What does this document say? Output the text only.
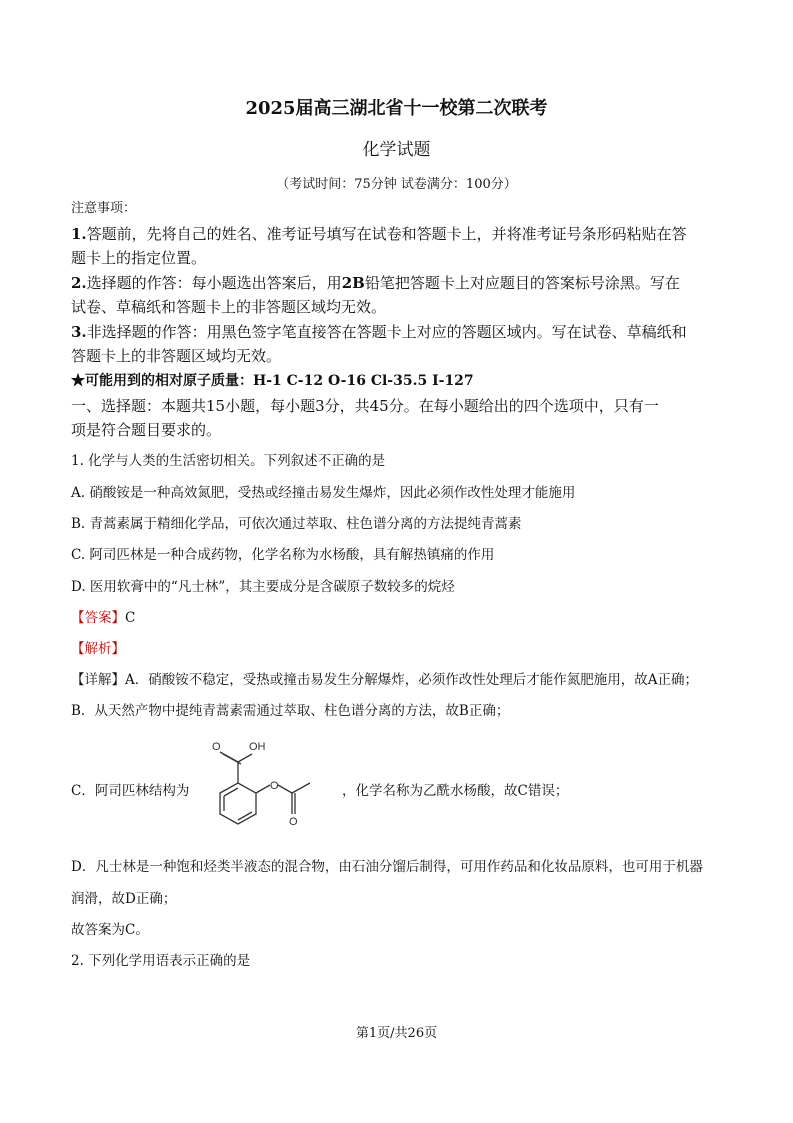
2025届高三湖北省十一校第二次联考
化学试题
（考试时间：75分钟 试卷满分：100分）
注意事项：
1.答题前，先将自己的姓名、准考证号填写在试卷和答题卡上，并将准考证号条形码粘贴在答
题卡上的指定位置。
2.选择题的作答：每小题选出答案后，用2B铅笔把答题卡上对应题目的答案标号涂黑。写在
试卷、草稿纸和答题卡上的非答题区域均无效。
3.非选择题的作答：用黑色签字笔直接答在答题卡上对应的答题区域内。写在试卷、草稿纸和
答题卡上的非答题区域均无效。
★可能用到的相对原子质量：H-1 C-12 O-16 Cl-35.5 I-127
一、选择题：本题共15小题，每小题3分，共45分。在每小题给出的四个选项中，只有一
项是符合题目要求的。
1. 化学与人类的生活密切相关。下列叙述不正确的是
A. 硝酸铵是一种高效氮肥，受热或经撞击易发生爆炸，因此必须作改性处理才能施用
B. 青蒿素属于精细化学品，可依次通过萃取、柱色谱分离的方法提纯青蒿素
C. 阿司匹林是一种合成药物，化学名称为水杨酸，具有解热镇痛的作用
D. 医用软膏中的“凡士林”，其主要成分是含碳原子数较多的烷烃
【答案】C
【解析】
【详解】A．硝酸铵不稳定，受热或撞击易发生分解爆炸，必须作改性处理后才能作氮肥施用，故A正确；
B．从天然产物中提纯青蒿素需通过萃取、柱色谱分离的方法，故B正确；
C．阿司匹林结构为	，化学名称为乙酰水杨酸，故C错误；
O	OH
O
O
D．凡士林是一种饱和烃类半液态的混合物，由石油分馏后制得，可用作药品和化妆品原料，也可用于机器
润滑，故D正确；
故答案为C。
2. 下列化学用语表示正确的是
第1页/共26页
